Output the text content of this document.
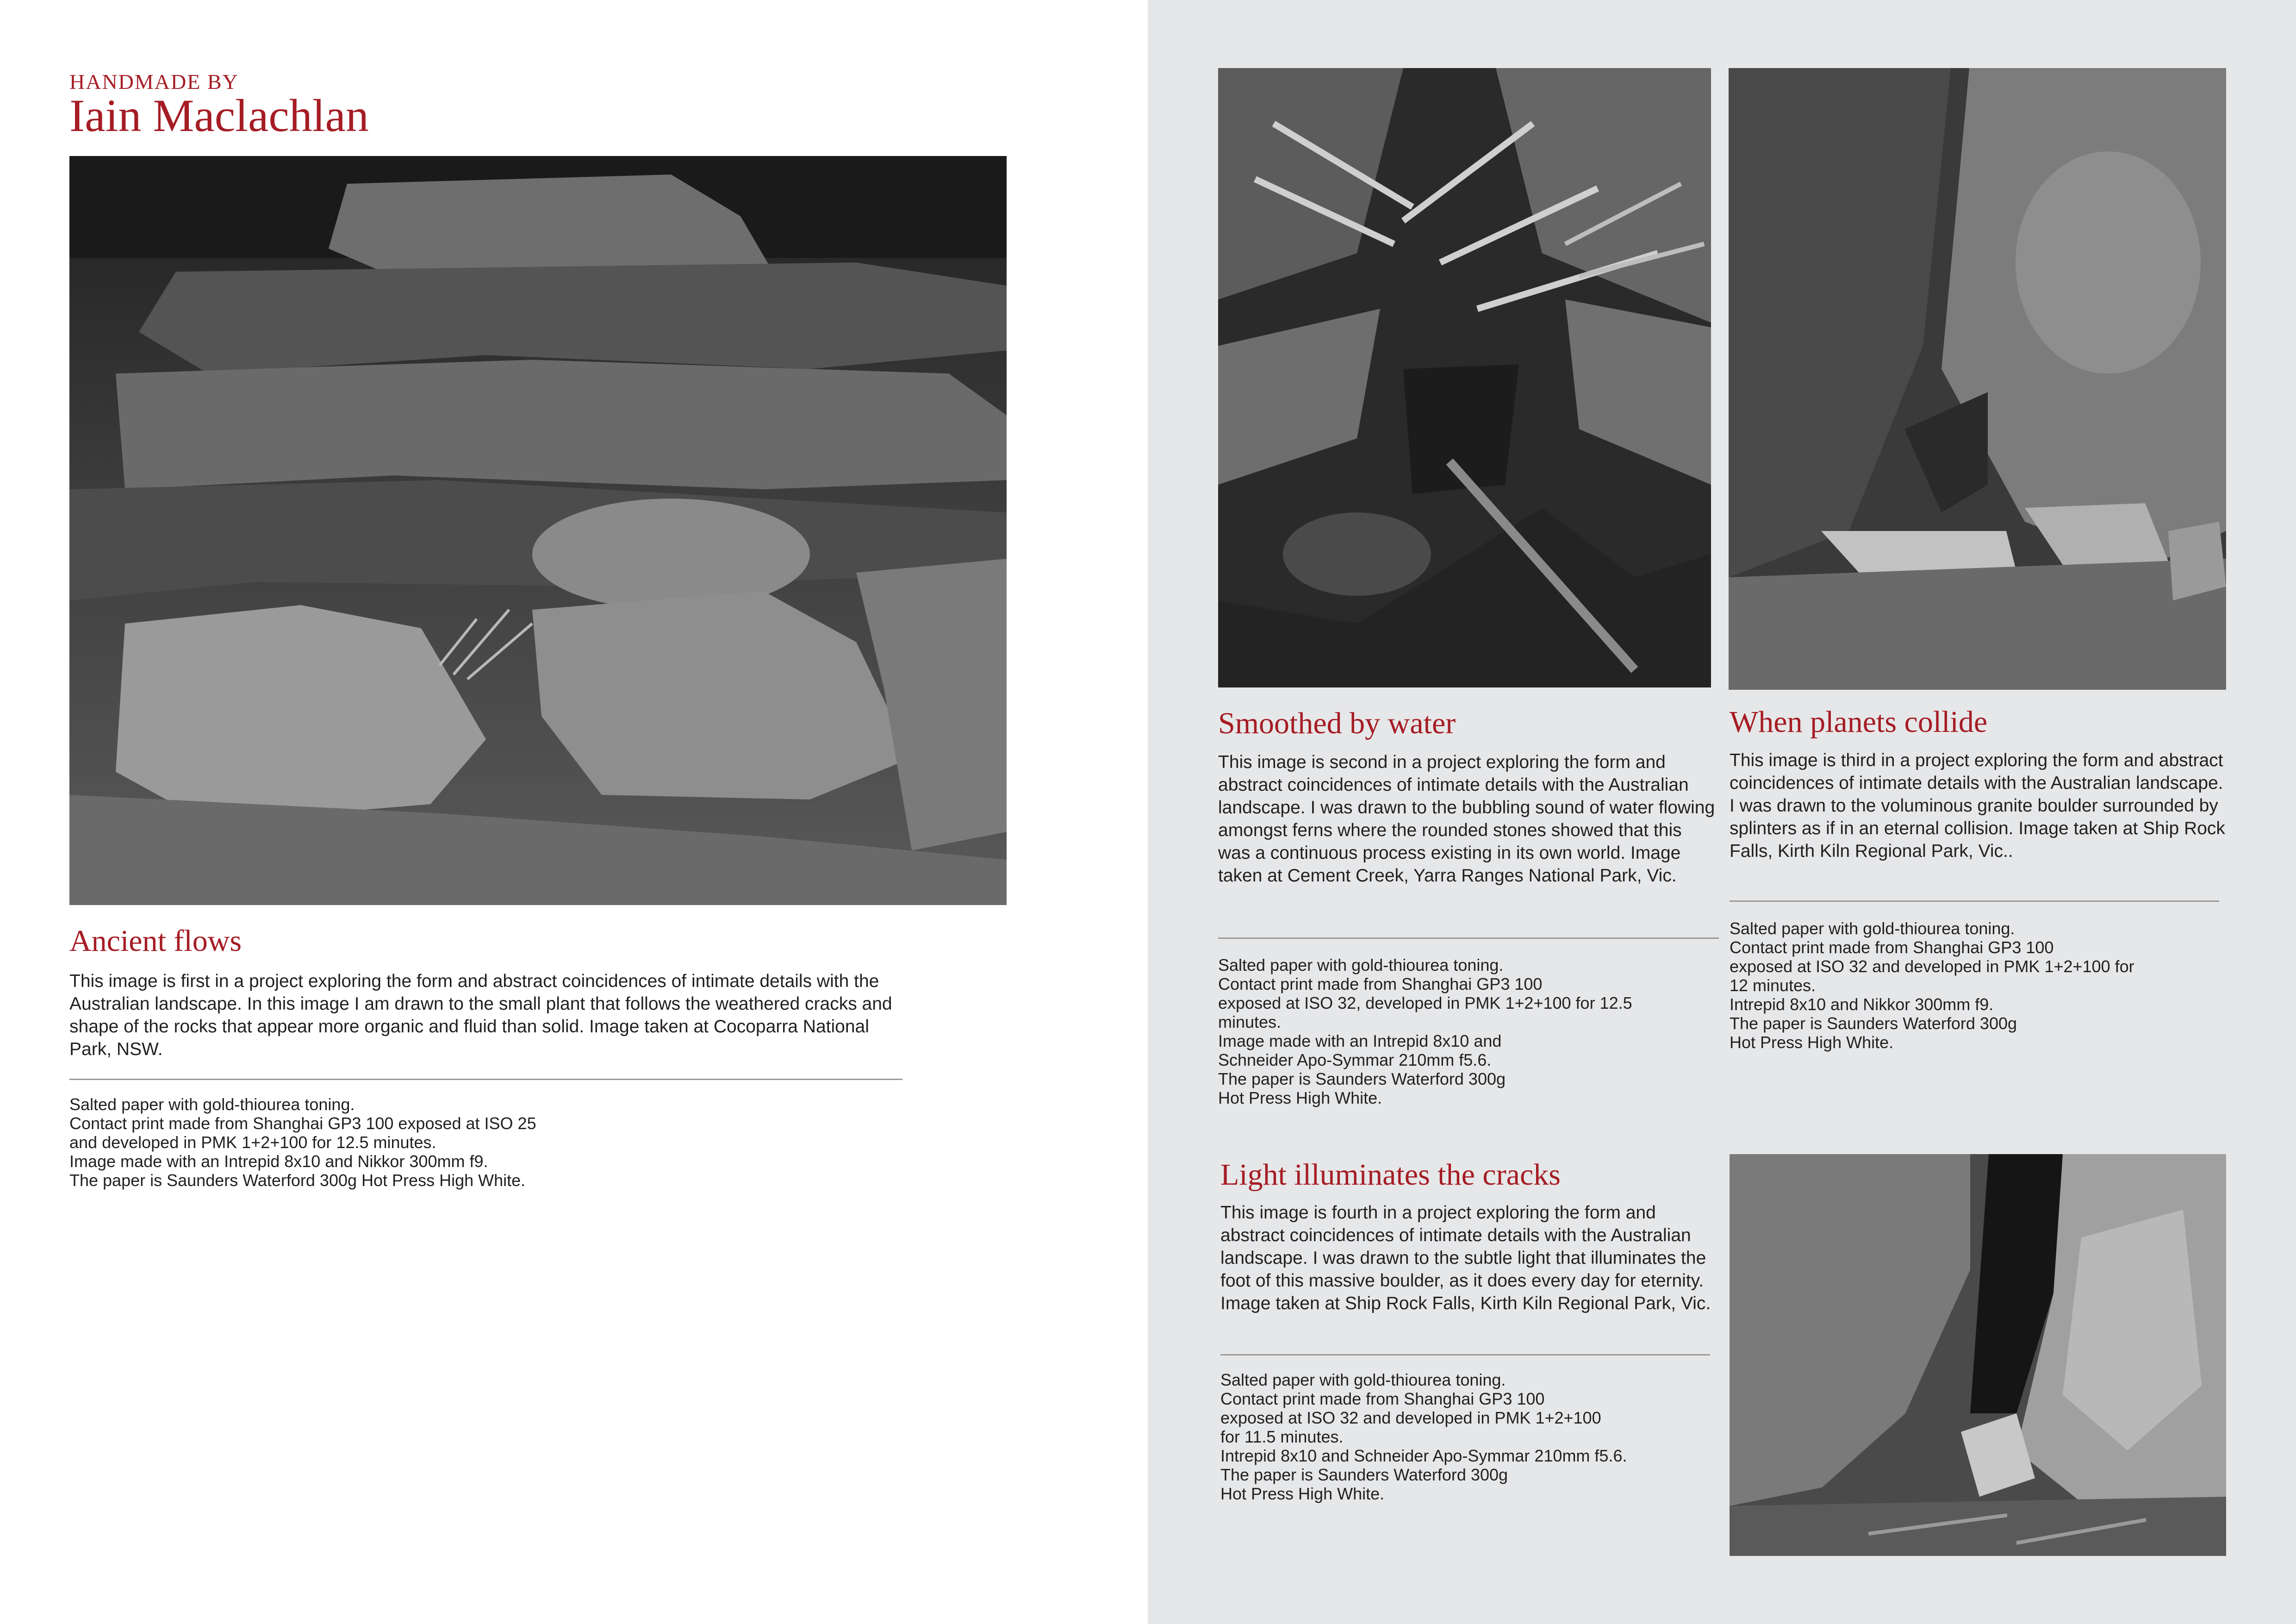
HANDMADE BY

Iain Maclachlan
Ancient flows

This image is first in a project exploring the form and abstract coincidences of intimate details with the Australian landscape. In this image I am drawn to the small plant that follows the weathered cracks and shape of the rocks that appear more organic and fluid than solid. Image taken at Cocoparra National Park, NSW.

Salted paper with gold-thiourea toning.
Contact print made from Shanghai GP3 100 exposed at ISO 25
and developed in PMK 1+2+100 for 12.5 minutes.
Image made with an Intrepid 8x10 and Nikkor 300mm f9.
The paper is Saunders Waterford 300g Hot Press High White.
Smoothed by water

This image is second in a project exploring the form and abstract coincidences of intimate details with the Australian landscape. I was drawn to the bubbling sound of water flowing amongst ferns where the rounded stones showed that this was a continuous process existing in its own world. Image taken at Cement Creek, Yarra Ranges National Park, Vic.

Salted paper with gold-thiourea toning.
Contact print made from Shanghai GP3 100
exposed at ISO 32, developed in PMK 1+2+100 for 12.5
minutes.
Image made with an Intrepid 8x10 and
Schneider Apo-Symmar 210mm f5.6.
The paper is Saunders Waterford 300g
Hot Press High White.
When planets collide

This image is third in a project exploring the form and abstract coincidences of intimate details with the Australian landscape. I was drawn to the voluminous granite boulder surrounded by splinters as if in an eternal collision. Image taken at Ship Rock Falls, Kirth Kiln Regional Park, Vic..

Salted paper with gold-thiourea toning.
Contact print made from Shanghai GP3 100
exposed at ISO 32 and developed in PMK 1+2+100 for
12 minutes.
Intrepid 8x10 and Nikkor 300mm f9.
The paper is Saunders Waterford 300g
Hot Press High White.
Light illuminates the cracks

This image is fourth in a project exploring the form and abstract coincidences of intimate details with the Australian landscape. I was drawn to the subtle light that illuminates the foot of this massive boulder, as it does every day for eternity. Image taken at Ship Rock Falls, Kirth Kiln Regional Park, Vic.

Salted paper with gold-thiourea toning.
Contact print made from Shanghai GP3 100
exposed at ISO 32 and developed in PMK 1+2+100
for 11.5 minutes.
Intrepid 8x10 and Schneider Apo-Symmar 210mm f5.6.
The paper is Saunders Waterford 300g
Hot Press High White.
